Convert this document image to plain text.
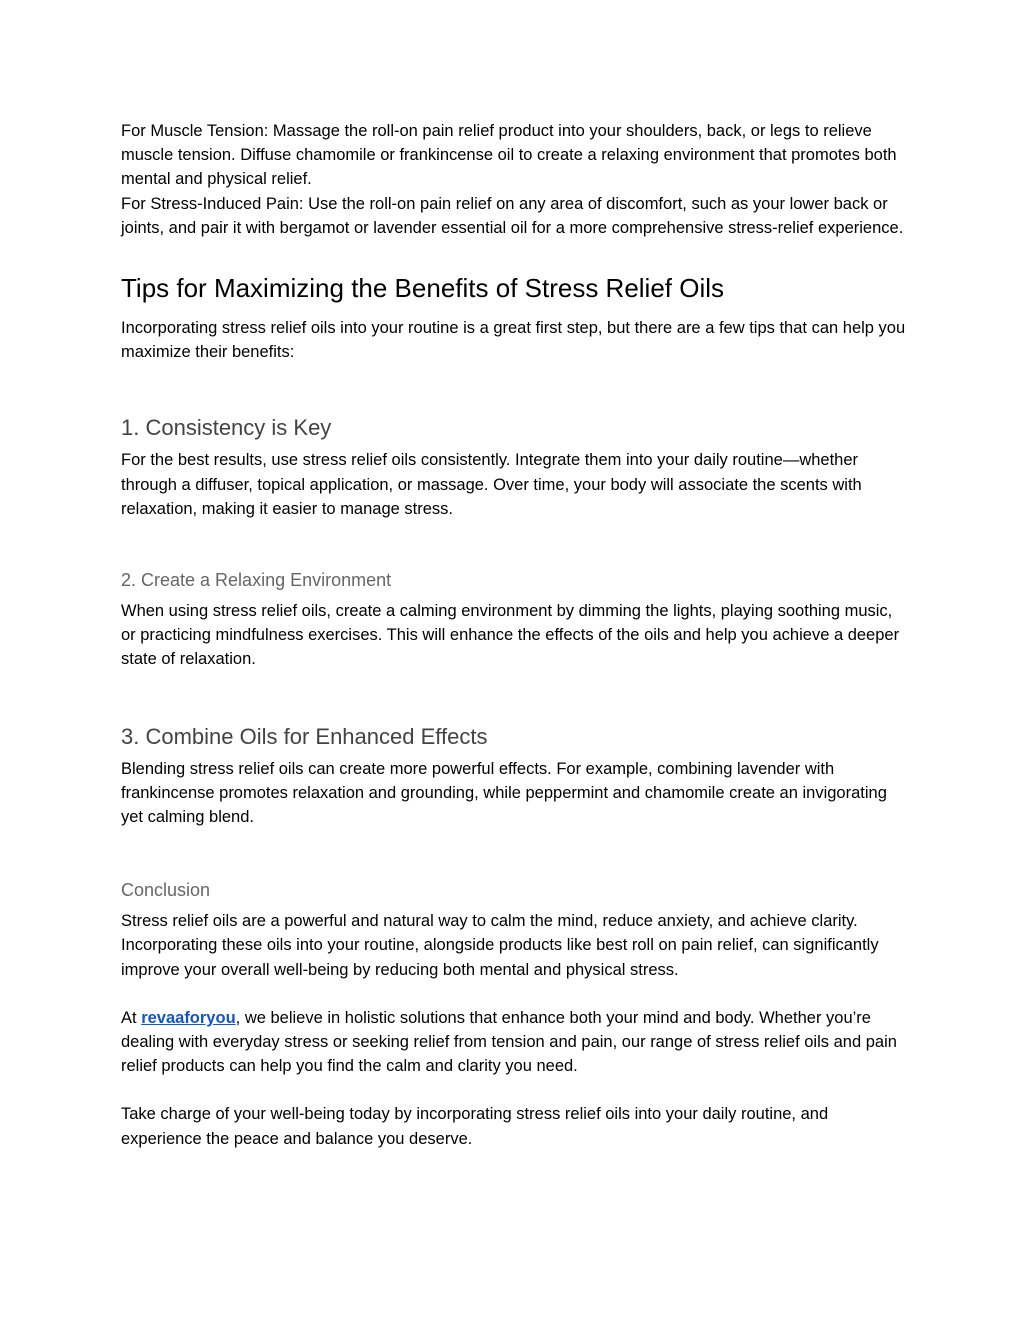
For Muscle Tension: Massage the roll-on pain relief product into your shoulders, back, or legs to relieve muscle tension. Diffuse chamomile or frankincense oil to create a relaxing environment that promotes both mental and physical relief.

For Stress-Induced Pain: Use the roll-on pain relief on any area of discomfort, such as your lower back or joints, and pair it with bergamot or lavender essential oil for a more comprehensive stress-relief experience.

Tips for Maximizing the Benefits of Stress Relief Oils

Incorporating stress relief oils into your routine is a great first step, but there are a few tips that can help you maximize their benefits:

1. Consistency is Key

For the best results, use stress relief oils consistently. Integrate them into your daily routine—whether through a diffuser, topical application, or massage. Over time, your body will associate the scents with relaxation, making it easier to manage stress.

2. Create a Relaxing Environment

When using stress relief oils, create a calming environment by dimming the lights, playing soothing music, or practicing mindfulness exercises. This will enhance the effects of the oils and help you achieve a deeper state of relaxation.

3. Combine Oils for Enhanced Effects

Blending stress relief oils can create more powerful effects. For example, combining lavender with frankincense promotes relaxation and grounding, while peppermint and chamomile create an invigorating yet calming blend.

Conclusion

Stress relief oils are a powerful and natural way to calm the mind, reduce anxiety, and achieve clarity. Incorporating these oils into your routine, alongside products like best roll on pain relief, can significantly improve your overall well-being by reducing both mental and physical stress.

At revaaforyou, we believe in holistic solutions that enhance both your mind and body. Whether you’re dealing with everyday stress or seeking relief from tension and pain, our range of stress relief oils and pain relief products can help you find the calm and clarity you need.

Take charge of your well-being today by incorporating stress relief oils into your daily routine, and experience the peace and balance you deserve.
